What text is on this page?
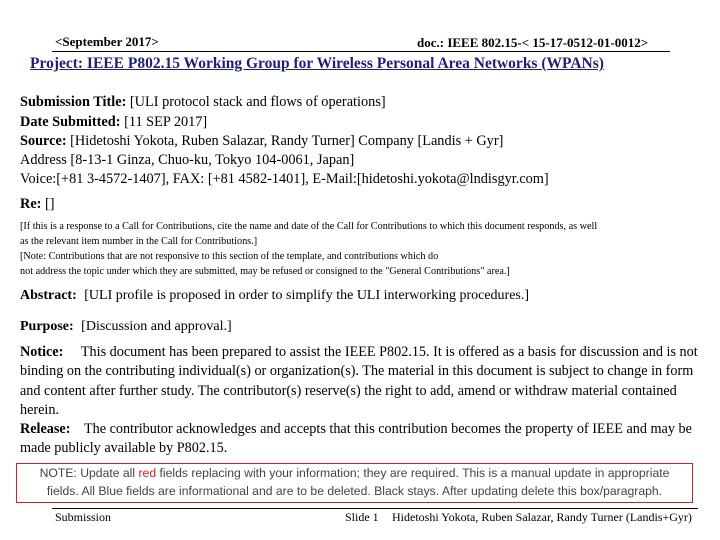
<September 2017>	doc.: IEEE 802.15-< 15-17-0512-01-0012>
Project: IEEE P802.15 Working Group for Wireless Personal Area Networks (WPANs)
Submission Title: [ULI protocol stack and flows of operations]
Date Submitted: [11 SEP 2017]
Source: [Hidetoshi Yokota, Ruben Salazar, Randy Turner] Company [Landis + Gyr]
Address [8-13-1 Ginza, Chuo-ku, Tokyo 104-0061, Japan]
Voice:[+81 3-4572-1407], FAX: [+81 4582-1401], E-Mail:[hidetoshi.yokota@lndisgyr.com]
Re: []
[If this is a response to a Call for Contributions, cite the name and date of the Call for Contributions to which this document responds, as well
as the relevant item number in the Call for Contributions.]
[Note: Contributions that are not responsive to this section of the template, and contributions which do
not address the topic under which they are submitted, may be refused or consigned to the "General Contributions" area.]
Abstract: [ULI profile is proposed in order to simplify the ULI interworking procedures.]
Purpose: [Discussion and approval.]
Notice: This document has been prepared to assist the IEEE P802.15. It is offered as a basis for discussion and is not binding on the contributing individual(s) or organization(s). The material in this document is subject to change in form and content after further study. The contributor(s) reserve(s) the right to add, amend or withdraw material contained herein.
Release: The contributor acknowledges and accepts that this contribution becomes the property of IEEE and may be made publicly available by P802.15.
NOTE: Update all red fields replacing with your information; they are required. This is a manual update in appropriate
fields. All Blue fields are informational and are to be deleted. Black stays. After updating delete this box/paragraph.
Submission	Slide 1 Hidetoshi Yokota, Ruben Salazar, Randy Turner (Landis+Gyr)
